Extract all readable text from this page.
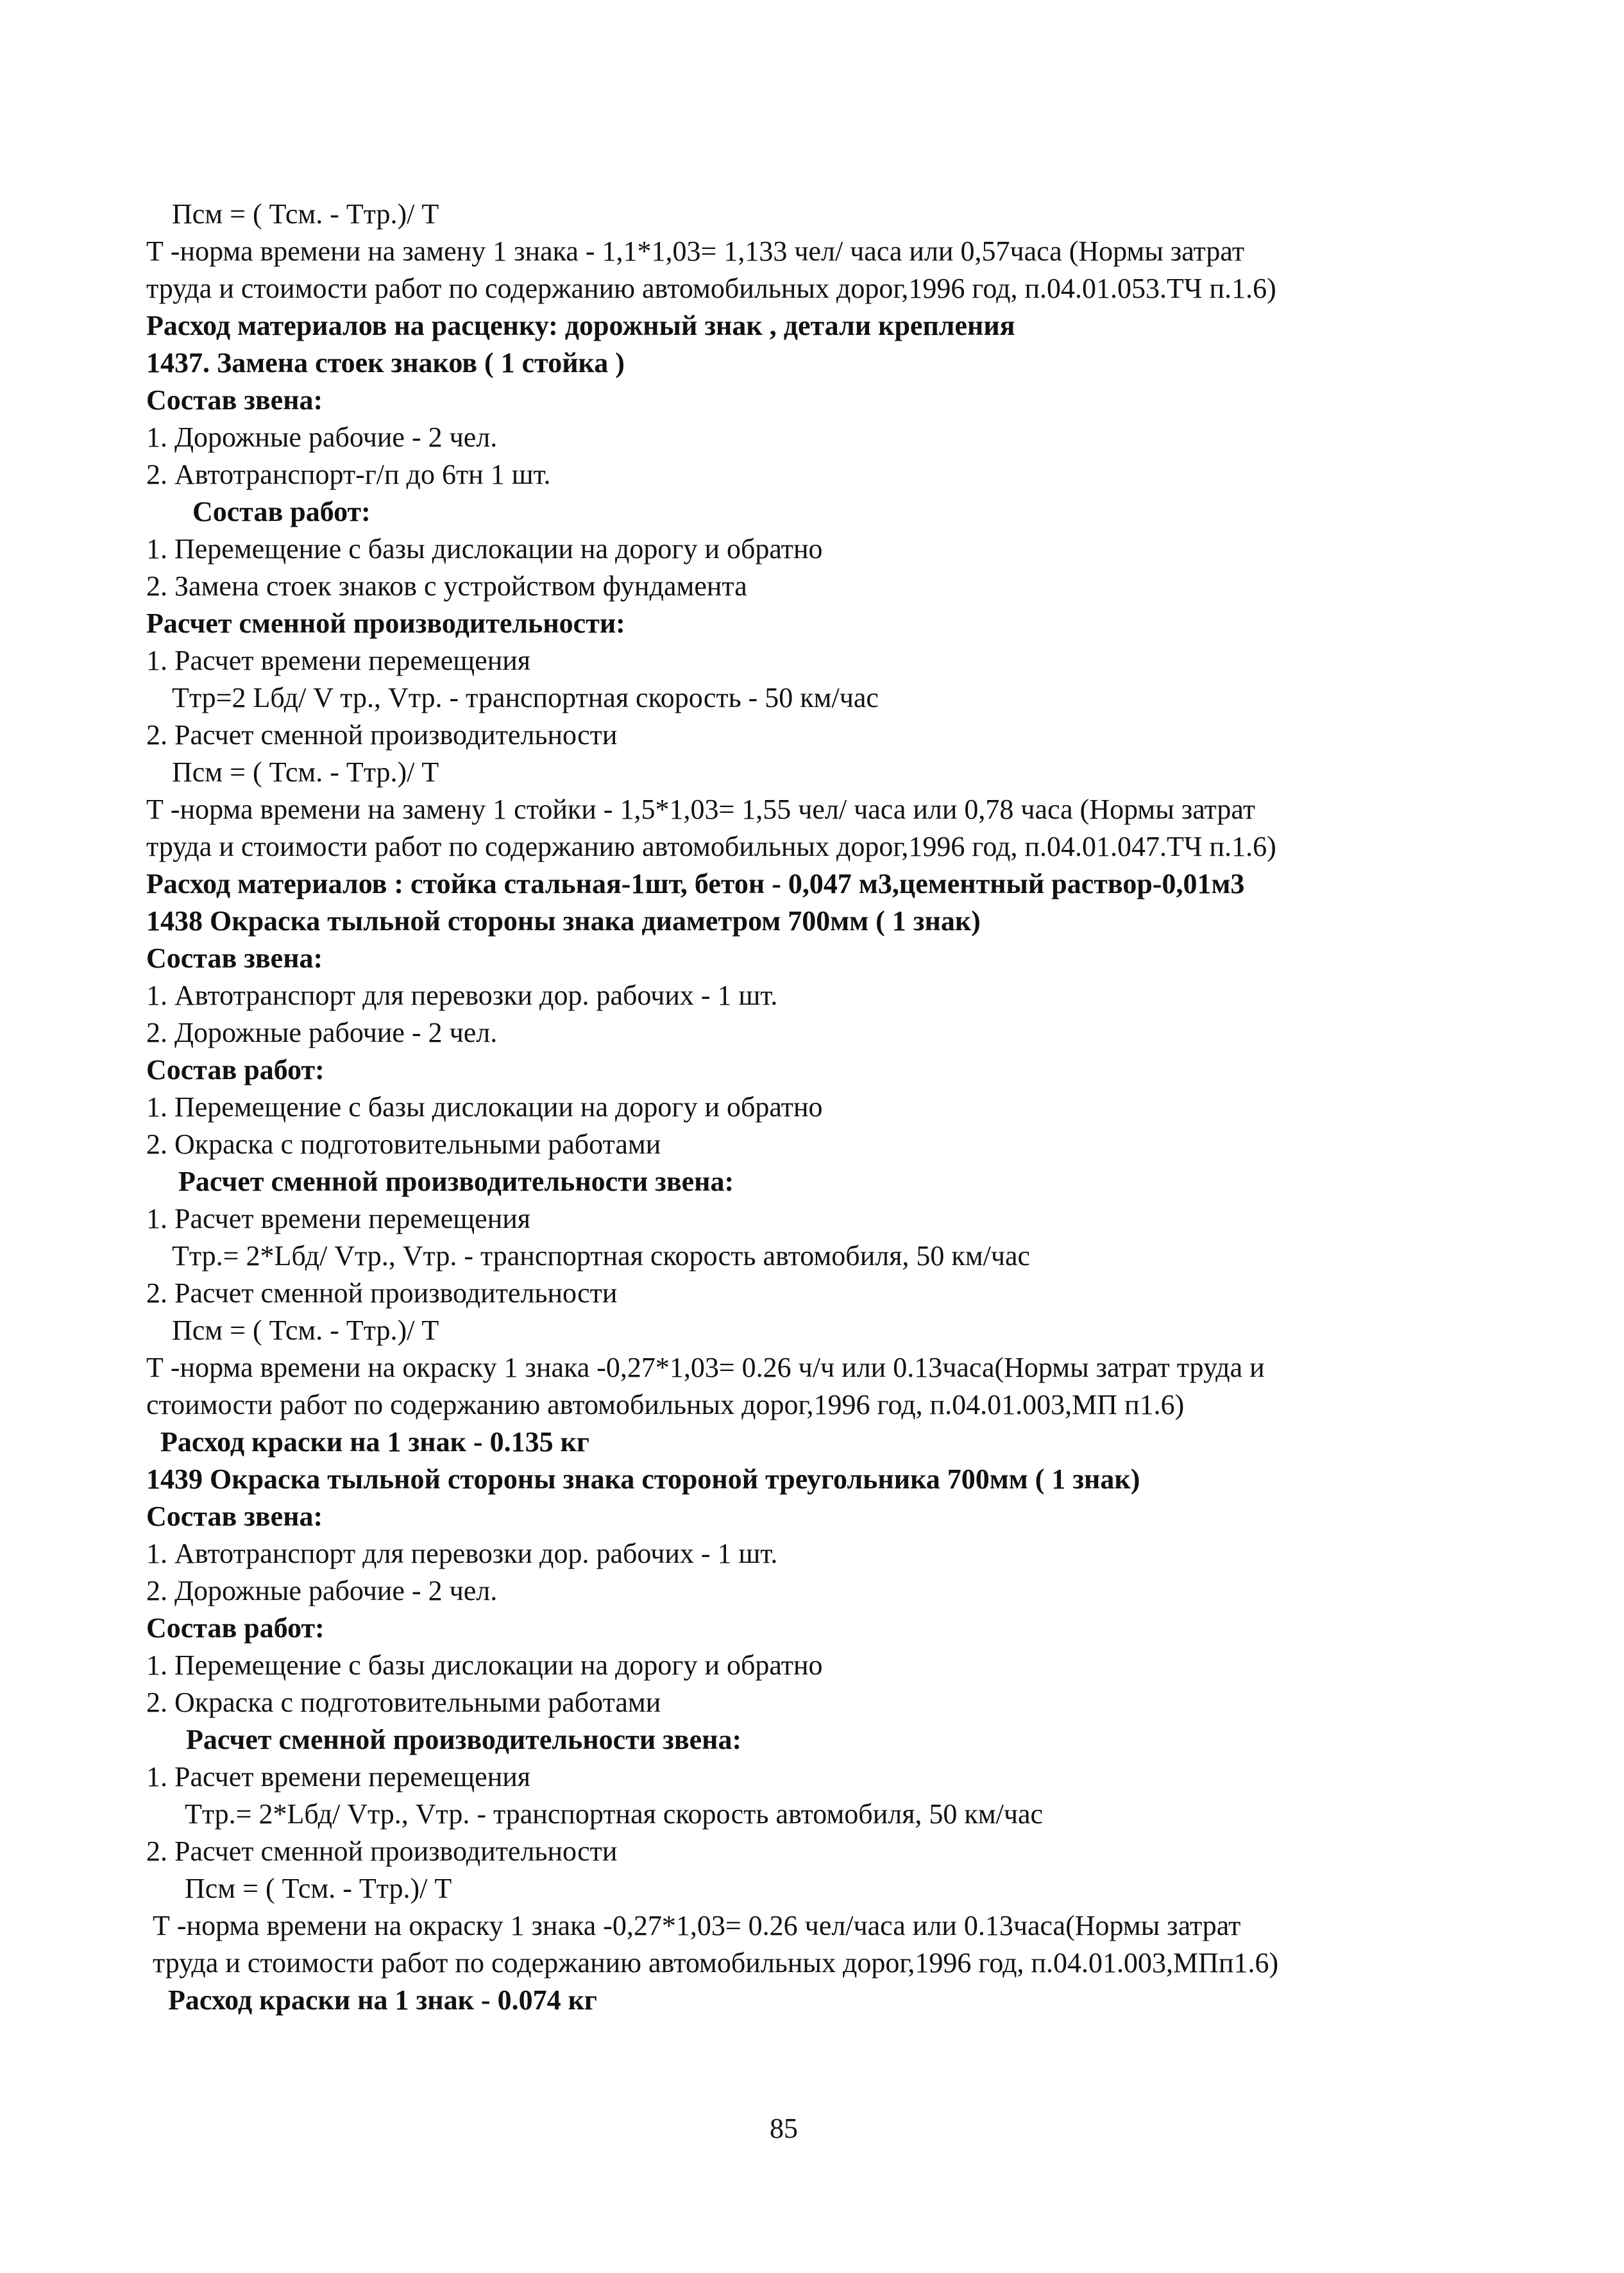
Псм = ( Тсм. - Ттр.)/ Т
Т -норма времени на замену 1 знака - 1,1*1,03= 1,133 чел/ часа или 0,57часа (Нормы затрат
труда и стоимости работ по содержанию автомобильных дорог,1996 год, п.04.01.053.ТЧ п.1.6)
Расход материалов на расценку: дорожный знак , детали крепления
1437. Замена стоек знаков ( 1 стойка )
Состав звена:
1. Дорожные рабочие - 2 чел.
2. Автотранспорт-г/п до 6тн 1 шт.
Состав работ:
1. Перемещение с базы дислокации на дорогу и обратно
2. Замена стоек знаков с устройством фундамента
Расчет сменной производительности:
1. Расчет времени перемещения
Ттр=2 Lбд/ V тр., Vтр. - транспортная скорость - 50 км/час
2. Расчет сменной производительности
Псм = ( Тсм. - Ттр.)/ Т
Т -норма времени на замену 1 стойки - 1,5*1,03= 1,55 чел/ часа или 0,78 часа (Нормы затрат
труда и стоимости работ по содержанию автомобильных дорог,1996 год, п.04.01.047.ТЧ п.1.6)
Расход материалов : стойка стальная-1шт, бетон - 0,047 м3,цементный раствор-0,01м3
1438 Окраска тыльной стороны знака диаметром 700мм ( 1 знак)
Состав звена:
1. Автотранспорт для перевозки дор. рабочих - 1 шт.
2. Дорожные рабочие - 2 чел.
Состав работ:
1. Перемещение с базы дислокации на дорогу и обратно
2. Окраска с подготовительными работами
Расчет сменной производительности звена:
1. Расчет времени перемещения
Ттр.= 2*Lбд/ Vтр., Vтр. - транспортная скорость автомобиля, 50 км/час
2. Расчет сменной производительности
Псм = ( Тсм. - Ттр.)/ Т
Т -норма времени на окраску 1 знака -0,27*1,03= 0.26 ч/ч или 0.13часа(Нормы затрат труда и
стоимости работ по содержанию автомобильных дорог,1996 год, п.04.01.003,МП п1.6)
Расход краски на 1 знак - 0.135 кг
1439 Окраска тыльной стороны знака стороной треугольника 700мм ( 1 знак)
Состав звена:
1. Автотранспорт для перевозки дор. рабочих - 1 шт.
2. Дорожные рабочие - 2 чел.
Состав работ:
1. Перемещение с базы дислокации на дорогу и обратно
2. Окраска с подготовительными работами
Расчет сменной производительности звена:
1. Расчет времени перемещения
Ттр.= 2*Lбд/ Vтр., Vтр. - транспортная скорость автомобиля, 50 км/час
2. Расчет сменной производительности
Псм = ( Тсм. - Ттр.)/ Т
Т -норма времени на окраску 1 знака -0,27*1,03= 0.26 чел/часа или 0.13часа(Нормы затрат
труда и стоимости работ по содержанию автомобильных дорог,1996 год, п.04.01.003,МПп1.6)
Расход краски на 1 знак - 0.074 кг
85
